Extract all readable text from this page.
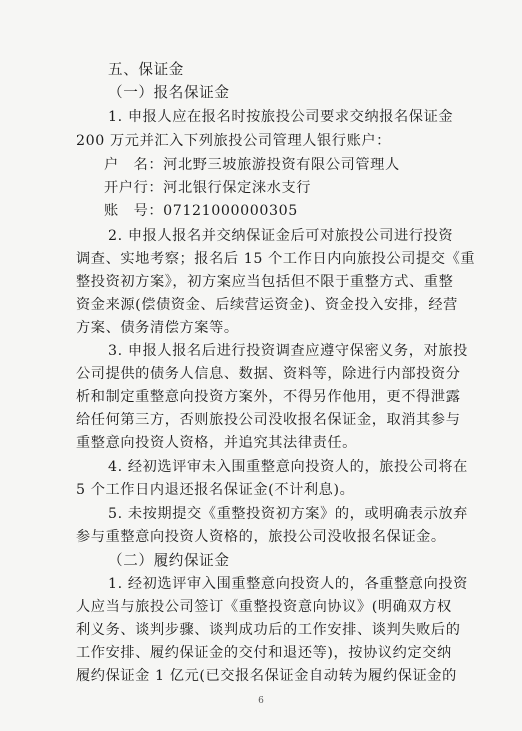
五、保证金
（一）报名保证金
1. 申报人应在报名时按旅投公司要求交纳报名保证金
200 万元并汇入下列旅投公司管理人银行账户：
户　名：河北野三坡旅游投资有限公司管理人
开户行：河北银行保定涞水支行
账　号：07121000000305
2. 申报人报名并交纳保证金后可对旅投公司进行投资
调查、实地考察；报名后 15 个工作日内向旅投公司提交《重
整投资初方案》，初方案应当包括但不限于重整方式、重整
资金来源(偿债资金、后续营运资金)、资金投入安排，经营
方案、债务清偿方案等。
3. 申报人报名后进行投资调查应遵守保密义务，对旅投
公司提供的债务人信息、数据、资料等，除进行内部投资分
析和制定重整意向投资方案外，不得另作他用，更不得泄露
给任何第三方，否则旅投公司没收报名保证金，取消其参与
重整意向投资人资格，并追究其法律责任。
4. 经初选评审未入围重整意向投资人的，旅投公司将在
5 个工作日内退还报名保证金(不计利息)。
5. 未按期提交《重整投资初方案》的，或明确表示放弃
参与重整意向投资人资格的，旅投公司没收报名保证金。
（二）履约保证金
1. 经初选评审入围重整意向投资人的，各重整意向投资
人应当与旅投公司签订《重整投资意向协议》(明确双方权
利义务、谈判步骤、谈判成功后的工作安排、谈判失败后的
工作安排、履约保证金的交付和退还等)，按协议约定交纳
履约保证金 1 亿元(已交报名保证金自动转为履约保证金的
6
